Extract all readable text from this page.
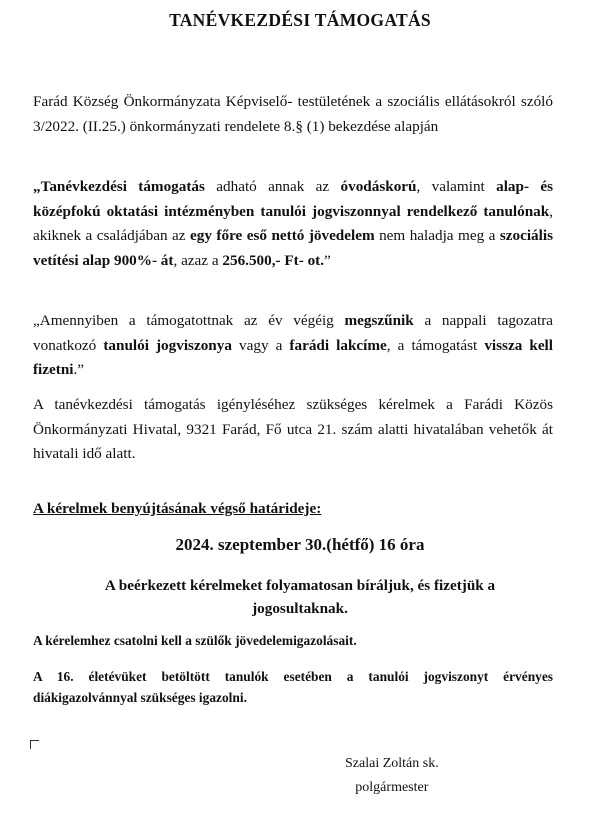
TANÉVKEZDÉSI TÁMOGATÁS
Farád Község Önkormányzata Képviselő- testületének a szociális ellátásokról szóló 3/2022. (II.25.) önkormányzati rendelete 8.§ (1) bekezdése alapján
„Tanévkezdési támogatás adható annak az óvodáskorú, valamint alap- és középfokú oktatási intézményben tanulói jogviszonnyal rendelkező tanulónak, akiknek a családjában az egy főre eső nettó jövedelem nem haladja meg a szociális vetítési alap 900%- át, azaz a 256.500,- Ft- ot.”
„Amennyiben a támogatottnak az év végéig megszűnik a nappali tagozatra vonatkozó tanulói jogviszonya vagy a farádi lakcíme, a támogatást vissza kell fizetni.”
A tanévkezdési támogatás igényléséhez szükséges kérelmek a Farádi Közös Önkormányzati Hivatal, 9321 Farád, Fő utca 21. szám alatti hivatalában vehetők át hivatali idő alatt.
A kérelmek benyújtásának végső határideje:
2024. szeptember 30.(hétfő) 16 óra
A beérkezett kérelmeket folyamatosan bíráljuk, és fizetjük a jogosultaknak.
A kérelemhez csatolni kell a szülők jövedelemigazolásait.
A 16. életévüket betöltött tanulók esetében a tanulói jogviszonyt érvényes diákigazolvánnyal szükséges igazolni.
Szalai Zoltán sk.
polgármester
